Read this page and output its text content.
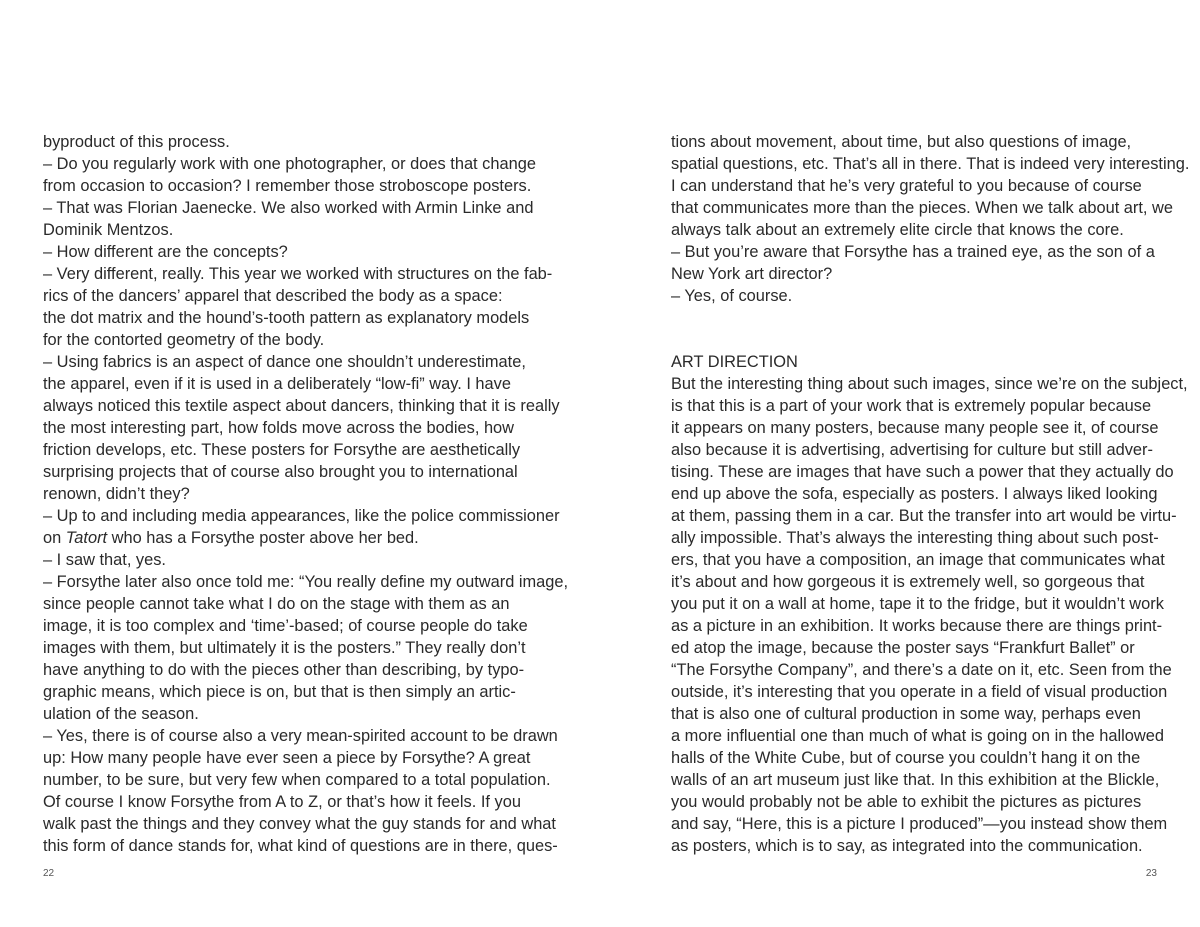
byproduct of this process.
– Do you regularly work with one photographer, or does that change
from occasion to occasion? I remember those stroboscope posters.
– That was Florian Jaenecke. We also worked with Armin Linke and
Dominik Mentzos.
– How different are the concepts?
– Very different, really. This year we worked with structures on the fab-
rics of the dancers’ apparel that described the body as a space:
the dot matrix and the hound’s-tooth pattern as explanatory models
for the contorted geometry of the body.
– Using fabrics is an aspect of dance one shouldn’t underestimate,
the apparel, even if it is used in a deliberately “low-fi” way. I have
always noticed this textile aspect about dancers, thinking that it is really
the most interesting part, how folds move across the bodies, how
friction develops, etc. These posters for Forsythe are aesthetically
surprising projects that of course also brought you to international
renown, didn’t they?
– Up to and including media appearances, like the police commissioner
on Tatort who has a Forsythe poster above her bed.
– I saw that, yes.
– Forsythe later also once told me: “You really define my outward image,
since people cannot take what I do on the stage with them as an
image, it is too complex and ‘time’-based; of course people do take
images with them, but ultimately it is the posters.” They really don’t
have anything to do with the pieces other than describing, by typo-
graphic means, which piece is on, but that is then simply an artic-
ulation of the season.
– Yes, there is of course also a very mean-spirited account to be drawn
up: How many people have ever seen a piece by Forsythe? A great
number, to be sure, but very few when compared to a total population.
Of course I know Forsythe from A to Z, or that’s how it feels. If you
walk past the things and they convey what the guy stands for and what
this form of dance stands for, what kind of questions are in there, ques-
22
tions about movement, about time, but also questions of image,
spatial questions, etc. That’s all in there. That is indeed very interesting.
I can understand that he’s very grateful to you because of course
that communicates more than the pieces. When we talk about art, we
always talk about an extremely elite circle that knows the core.
– But you’re aware that Forsythe has a trained eye, as the son of a
New York art director?
– Yes, of course.
ART DIRECTION
But the interesting thing about such images, since we’re on the subject,
is that this is a part of your work that is extremely popular because
it appears on many posters, because many people see it, of course
also because it is advertising, advertising for culture but still adver-
tising. These are images that have such a power that they actually do
end up above the sofa, especially as posters. I always liked looking
at them, passing them in a car. But the transfer into art would be virtu-
ally impossible. That’s always the interesting thing about such post-
ers, that you have a composition, an image that communicates what
it’s about and how gorgeous it is extremely well, so gorgeous that
you put it on a wall at home, tape it to the fridge, but it wouldn’t work
as a picture in an exhibition. It works because there are things print-
ed atop the image, because the poster says “Frankfurt Ballet” or
“The Forsythe Company”, and there’s a date on it, etc. Seen from the
outside, it’s interesting that you operate in a field of visual production
that is also one of cultural production in some way, perhaps even
a more influential one than much of what is going on in the hallowed
halls of the White Cube, but of course you couldn’t hang it on the
walls of an art museum just like that. In this exhibition at the Blickle,
you would probably not be able to exhibit the pictures as pictures
and say, “Here, this is a picture I produced”—you instead show them
as posters, which is to say, as integrated into the communication.
23
